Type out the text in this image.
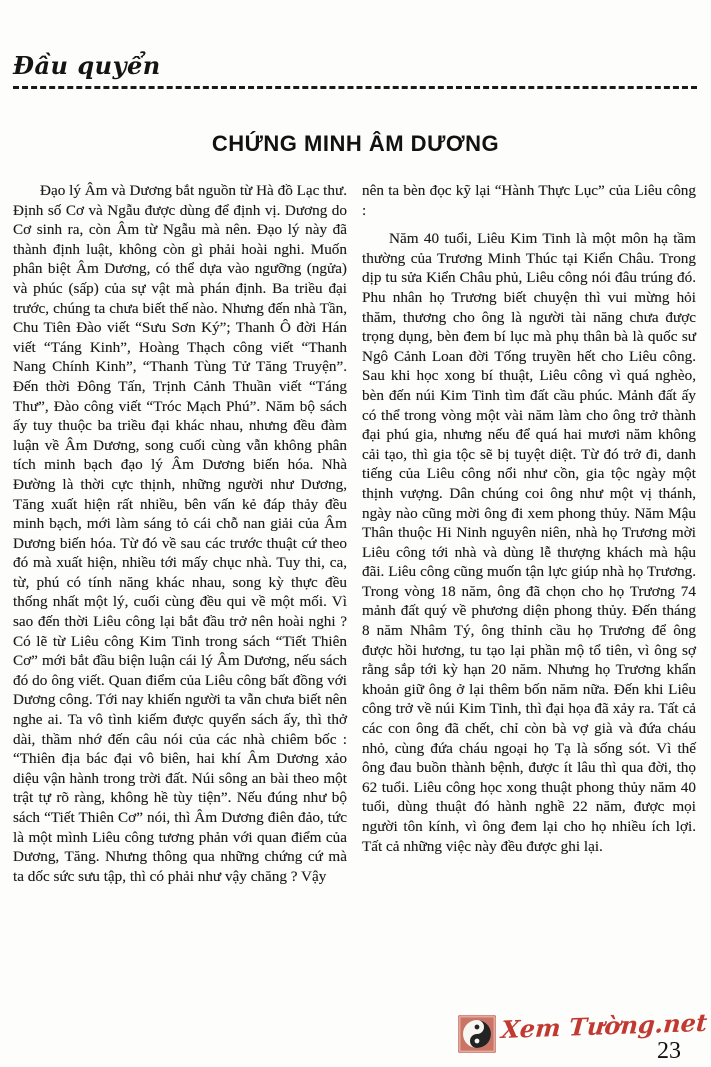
Đầu quyển
CHỨNG MINH ÂM DƯƠNG

Đạo lý Âm và Dương bắt nguồn từ Hà đồ Lạc thư. Định số Cơ và Ngẫu được dùng để định vị. Dương do Cơ sinh ra, còn Âm từ Ngẫu mà nên. Đạo lý này đã thành định luật, không còn gì phải hoài nghi. Muốn phân biệt Âm Dương, có thể dựa vào ngưỡng (ngửa) và phúc (sấp) của sự vật mà phán định. Ba triều đại trước, chúng ta chưa biết thế nào. Nhưng đến nhà Tần, Chu Tiên Đào viết “Sưu Sơn Ký”; Thanh Ô đời Hán viết “Táng Kinh”, Hoàng Thạch công viết “Thanh Nang Chính Kinh”, “Thanh Tùng Tử Tăng Truyện”. Đến thời Đông Tấn, Trịnh Cảnh Thuần viết “Táng Thư”, Đào công viết “Tróc Mạch Phú”. Năm bộ sách ấy tuy thuộc ba triều đại khác nhau, nhưng đều đàm luận về Âm Dương, song cuối cùng vẫn không phân tích minh bạch đạo lý Âm Dương biến hóa. Nhà Đường là thời cực thịnh, những người như Dương, Tăng xuất hiện rất nhiều, bên vấn kẻ đáp thảy đều minh bạch, mới làm sáng tỏ cái chỗ nan giải của Âm Dương biến hóa. Từ đó về sau các trước thuật cứ theo đó mà xuất hiện, nhiều tới mấy chục nhà. Tuy thi, ca, từ, phú có tính năng khác nhau, song kỳ thực đều thống nhất một lý, cuối cùng đều qui về một mối. Vì sao đến thời Liêu công lại bắt đầu trở nên hoài nghi ? Có lẽ từ Liêu công Kim Tinh trong sách “Tiết Thiên Cơ” mới bắt đầu biện luận cái lý Âm Dương, nếu sách đó do ông viết. Quan điểm của Liêu công bất đồng với Dương công. Tới nay khiến người ta vẫn chưa biết nên nghe ai. Ta vô tình kiếm được quyển sách ấy, thì thở dài, thầm nhớ đến câu nói của các nhà chiêm bốc : “Thiên địa bác đại vô biên, hai khí Âm Dương xảo diệu vận hành trong trời đất. Núi sông an bài theo một trật tự rõ ràng, không hề tùy tiện”. Nếu đúng như bộ sách “Tiết Thiên Cơ” nói, thì Âm Dương điên đảo, tức là một mình Liêu công tương phản với quan điểm của Dương, Tăng. Nhưng thông qua những chứng cứ mà ta dốc sức sưu tập, thì có phải như vậy chăng ? Vậy

nên ta bèn đọc kỹ lại “Hành Thực Lục” của Liêu công :

Năm 40 tuổi, Liêu Kim Tinh là một môn hạ tầm thường của Trương Minh Thúc tại Kiển Châu. Trong dịp tu sửa Kiển Châu phủ, Liêu công nói đâu trúng đó. Phu nhân họ Trương biết chuyện thì vui mừng hỏi thăm, thương cho ông là người tài năng chưa được trọng dụng, bèn đem bí lục mà phụ thân bà là quốc sư Ngô Cảnh Loan đời Tống truyền hết cho Liêu công. Sau khi học xong bí thuật, Liêu công vì quá nghèo, bèn đến núi Kim Tinh tìm đất cầu phúc. Mảnh đất ấy có thể trong vòng một vài năm làm cho ông trở thành đại phú gia, nhưng nếu để quá hai mươi năm không cải tạo, thì gia tộc sẽ bị tuyệt diệt. Từ đó trở đi, danh tiếng của Liêu công nổi như cồn, gia tộc ngày một thịnh vượng. Dân chúng coi ông như một vị thánh, ngày nào cũng mời ông đi xem phong thủy. Năm Mậu Thân thuộc Hi Ninh nguyên niên, nhà họ Trương mời Liêu công tới nhà và dùng lễ thượng khách mà hậu đãi. Liêu công cũng muốn tận lực giúp nhà họ Trương. Trong vòng 18 năm, ông đã chọn cho họ Trương 74 mảnh đất quý về phương diện phong thủy. Đến tháng 8 năm Nhâm Tý, ông thỉnh cầu họ Trương để ông được hồi hương, tu tạo lại phần mộ tổ tiên, vì ông sợ rằng sắp tới kỳ hạn 20 năm. Nhưng họ Trương khẩn khoản giữ ông ở lại thêm bốn năm nữa. Đến khi Liêu công trở về núi Kim Tinh, thì đại họa đã xảy ra. Tất cả các con ông đã chết, chỉ còn bà vợ già và đứa cháu nhỏ, cùng đứa cháu ngoại họ Tạ là sống sót. Vì thế ông đau buồn thành bệnh, được ít lâu thì qua đời, thọ 62 tuổi. Liêu công học xong thuật phong thủy năm 40 tuổi, dùng thuật đó hành nghề 22 năm, được mọi người tôn kính, vì ông đem lại cho họ nhiều ích lợi. Tất cả những việc này đều được ghi lại.

Xem Tường.net
23
